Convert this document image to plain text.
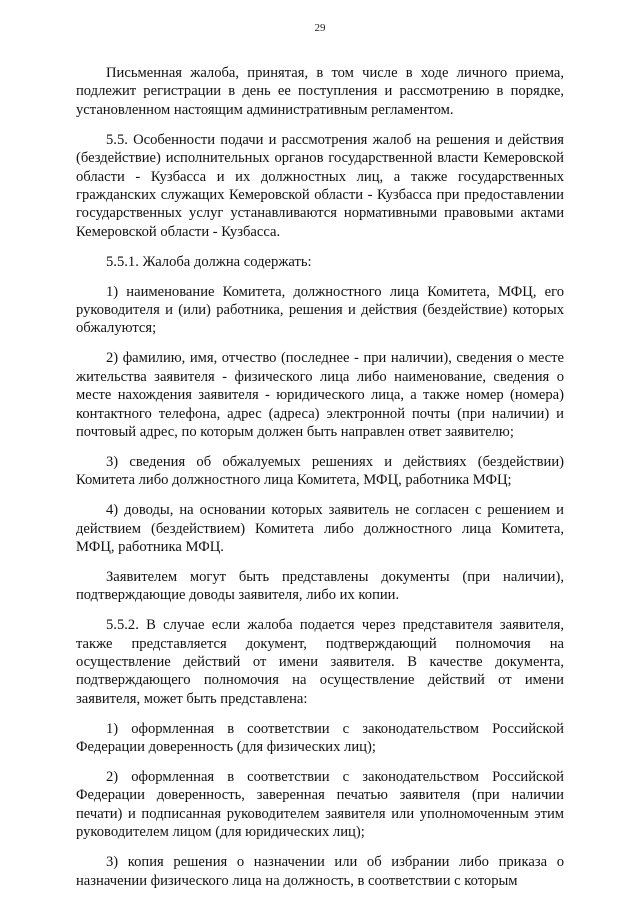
29

Письменная жалоба, принятая, в том числе в ходе личного приема, подлежит регистрации в день ее поступления и рассмотрению в порядке, установленном настоящим административным регламентом.

5.5. Особенности подачи и рассмотрения жалоб на решения и действия (бездействие) исполнительных органов государственной власти Кемеровской области - Кузбасса и их должностных лиц, а также государственных гражданских служащих Кемеровской области - Кузбасса при предоставлении государственных услуг устанавливаются нормативными правовыми актами Кемеровской области - Кузбасса.

5.5.1. Жалоба должна содержать:

1) наименование Комитета, должностного лица Комитета, МФЦ, его руководителя и (или) работника, решения и действия (бездействие) которых обжалуются;

2) фамилию, имя, отчество (последнее - при наличии), сведения о месте жительства заявителя - физического лица либо наименование, сведения о месте нахождения заявителя - юридического лица, а также номер (номера) контактного телефона, адрес (адреса) электронной почты (при наличии) и почтовый адрес, по которым должен быть направлен ответ заявителю;

3) сведения об обжалуемых решениях и действиях (бездействии) Комитета либо должностного лица Комитета, МФЦ, работника МФЦ;

4) доводы, на основании которых заявитель не согласен с решением и действием (бездействием) Комитета либо должностного лица Комитета, МФЦ, работника МФЦ.

Заявителем могут быть представлены документы (при наличии), подтверждающие доводы заявителя, либо их копии.

5.5.2. В случае если жалоба подается через представителя заявителя, также представляется документ, подтверждающий полномочия на осуществление действий от имени заявителя. В качестве документа, подтверждающего полномочия на осуществление действий от имени заявителя, может быть представлена:

1) оформленная в соответствии с законодательством Российской Федерации доверенность (для физических лиц);

2) оформленная в соответствии с законодательством Российской Федерации доверенность, заверенная печатью заявителя (при наличии печати) и подписанная руководителем заявителя или уполномоченным этим руководителем лицом (для юридических лиц);

3) копия решения о назначении или об избрании либо приказа о назначении физического лица на должность, в соответствии с которым
